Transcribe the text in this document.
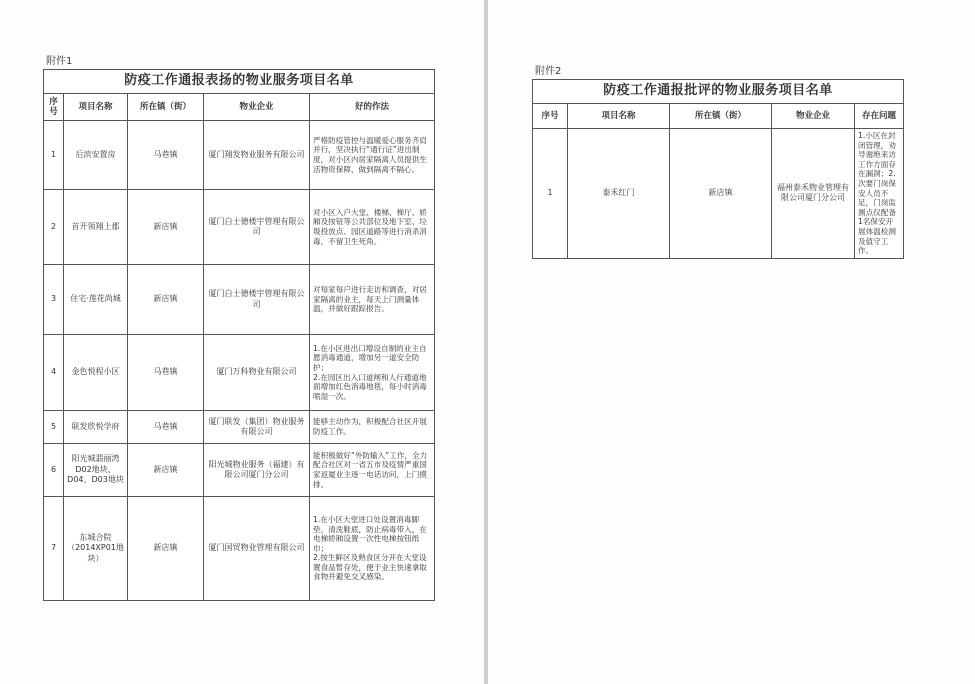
附件1
附件2
防疫工作通报表扬的物业服务项目名单				
序号	项目名称	所在镇（街）	物业企业	好的作法
1	后滨安置房	马巷镇	厦门翔发物业服务有限公司	严格防疫管控与温暖爱心服务齐肩并行，坚决执行“通行证”进出制度，对小区内居家隔离人员提供生活物资保障，做到隔离不隔心。
2	首开领翔上郡	新店镇	厦门白士德楼宇管理有限公司	对小区入户大堂、楼梯、梯厅、轿厢及按钮等公共部位及地下室、垃圾投放点、园区道路等进行消杀消毒，不留卫生死角。
3	住宅·莲花尚城	新店镇	厦门白士德楼宇管理有限公司	对每家每户进行走访和调查，对居家隔离的业主，每天上门测量体温，并做好跟踪报告。
4	金色悦程小区	马巷镇	厦门万科物业有限公司	1.在小区进出口增设自制的业主自愿消毒通道，增加另一道安全防护；
2.在园区出入口道闸和人行通道地面增加红色消毒地毯，每小时消毒喷湿一次。
5	联发欣悦学府	马巷镇	厦门联发（集团）物业服务有限公司	能够主动作为，积极配合社区开展防疫工作。
6	阳光城翡丽湾D02地块、D04、D03地块	新店镇	阳光城物业服务（福建）有限公司厦门分公司	能积极做好“外防输入”工作，全力配合社区对一省五市及疫情严重国家返厦业主逐一电话访问，上门摸排。
7	东城合院（2014XP01地块）	新店镇	厦门国贸物业管理有限公司	1.在小区大堂进口处设置消毒脚垫，清洗鞋底，防止病毒带入，在电梯轿厢设置一次性电梯按钮纸巾；
2.按生鲜区及熟食区分开在大堂设置食品暂存处，便于业主快速拿取食物并避免交叉感染。
防疫工作通报批评的物业服务项目名单				
序号	项目名称	所在镇（街）	物业企业	存在问题
1	泰禾红门	新店镇	福州泰禾物业管理有限公司厦门分公司	1.小区在封闭管理，劝导谢绝来访工作方面存在漏洞；2.次要门岗保安人员不足，门岗监测点仅配备1名保安开展体温检测及值守工作。
